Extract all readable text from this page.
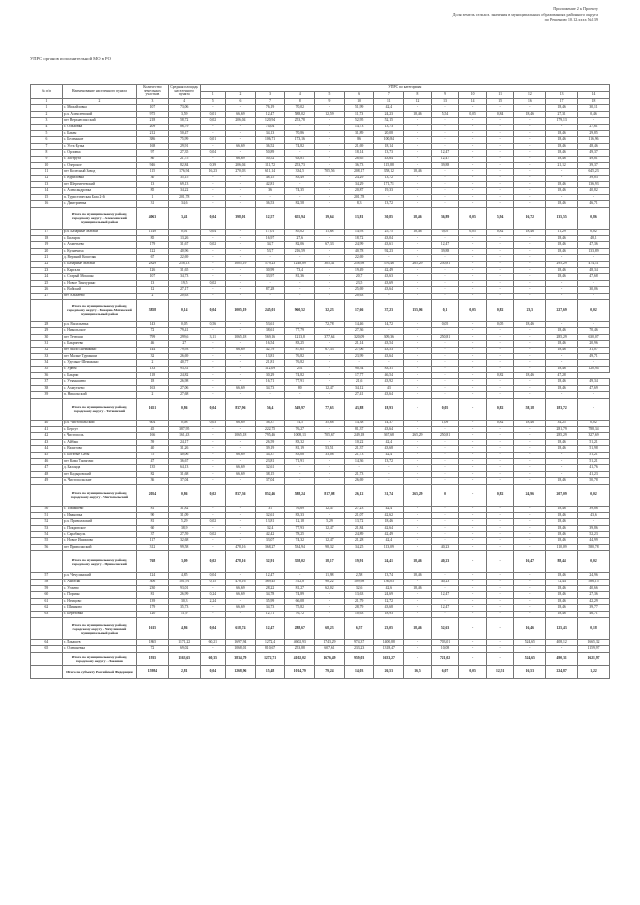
Приложение 2 к Проекту
Доля земель сельхоз. значения в муниципальных образованиях районного округа
по Решению 10.12.хххх №139
УПРС органов исполнительной МО в РО
№ п/п	Наименование населенного пункта	Количество земельных участков	Средняя площадь населенного пункта	УПРС по категориям													
				1	2	3	4	5	6	7	8	9	10	11	12	13	14
1	2	3	4	5	6	7	8	9	10	11	12	13	14	15	16	17	18
1	с. Михайловка	107	73,06	-	-	76,19	70,02	-	51,99	42,4	-	-	-	-	-	18,46	30,11
2	р.п. Алексеевский	975	3,59	0,01	66,69	12,47	588,02	12,59	11,73	24,23	18,46	5,54	0,05	0,84	18,46	27,31	0,46
3	пгт Верхнеспасский	218	58,72	0,02	206,04	120,94	253,78	-	52,95	52,15	-	-	-	-	-	179,13	-
4	с. Ольховка	209	86,79	-	-	74,04	-	-	14,73	13,73	-	-	-	-	-	-	27,61
5	с. Бакен	212	50,47	-	-	34,13	70,86	-	31,89	20,08	-	-	-	-	-	18,46	29,85
6	с. Беленькое	386	75,99	0,01	-	106,71	173,16	-	86	100,84	-	-	-	-	-	18,46	116,96
7	с. Усть-Бузка	168	29,91	-	66,69	36,52	74,82	-	21,69	18,14	-	-	-	-	-	18,46	48,46
8	с. Орловка	97	27,35	0,04	-	50,89	-	-	18,14	13,73	-	12,47	-	-	-	18,46	49,37
9	с. Заструга	80	21,75	-	66,69	50,52	63,81	-	28,65	43,64	-	12,47	-	-	-	18,46	49,81
10	с. Озерское	946	82,84	0,39	206,04	111,72	253,73	-	36,73	115,88	-	39,88	-	-	-	21,12	39,37
11	пгт Колесный Завод	115	176,94	16,23	270,03	611,14	334,5	705,56	208,17	358,12	18,46	-	-	-	-	-	645,23
12	с. Куриловка	30	35,15	-	-	48,15	83,49	-	24,29	13,72	-	-	-	-	-	-	39,83
13	пгт Шереметевский	13	69,13	-	-	42,81	-	-	34,29	171,71	-	-	-	-	-	18,46	136,93
14	с. Александровка	85	34,22	-	-	36	74,35	-	20,87	19,33	-	-	-	-	-	18,46	40,82
15	п. Туристическая База 2-й	1	201,78	-	-	-	-	-	201,78	-	-	-	-	-	-	-	-
16	с. Дмитриевка	31	34,6	-	-	36,53	82,58	-	8,3	13,72	-	-	-	-	-	18,46	46,71
	Итого по муниципальному району, городскому округу - Алексеевский муниципальный район	4063	3,41	0,04	398,01	12,57	655,94	19,64	13,81	30,85	18,46	36,89	0,05	5,94	16,72	135,55	0,86
17	р.п. Базарные Матаки	1149	0,01	0,04	-	17,01	85,02	11,68	14,93	25,75	18,46	0,05	0,05	0,82	18,46	11,29	0,02
18	с. Билярск	85	13,26	-	-	16,97	27,6	-	18,72	43,04	-	-	-	-	-	18,46	48,1
19	с. Ахметьево	179	31,67	0,02	-	34,7	82,06	67,33	24,99	43,61	-	12,47	-	-	-	18,46	47,36
20	с. Кузнечиха	122	40,96	-	-	53,7	216,59	-	40,78	92,23	-	39,88	-	-	-	18,46	133,89
21	д. Верхний Кошеляк	67	22,69	-	-	-	-	-	22,69	-	-	-	-	-	-	-	-
22	с. Базарные Матаки	2829	258,13	-	1005,19	579,23	1248,89	305,41	258,98	376,46	265,29	250,81	-	-	-	295,29	474,11
23	с. Каргали	126	31,65	-	-	30,99	73,4	-	19,49	42,49	-	-	-	-	-	18,46	48,34
24	с. Старый Мокшан	107	34,73	-	-	33,97	81,36	-	20,7	43,63	-	-	-	-	-	18,46	47,68
25	с. Новое Тинчурино	13	19,5	0,02	-	-	-	-	23,5	43,69	-	-	-	-	-	-	-
26	с. Войский	12	27,17	-	-	87,28	-	-	25,69	43,64	-	-	-	-	-	-	30,06
27	пгт Алькеево	2	20,63	-	-	-	-	-	20,63	-	-	-	-	-	-	-	-
	Итого по муниципальному району, городскому округу - Базарно-Матакский муниципальный район	3858	0,14	0,04	1005,19	245,01	960,52	32,23	17,66	37,23	155,06	0,1	0,05	0,82	23,5	227,69	0,02
28	р.п. Васильевка	143	0,05	0,56	-	53,61	-	72,78	14,46	14,72	-	0,05	-	0,05	18,46	-	-
29	с. Никольское	72	79,41	-	-	38,61	77,79	-	27,36	-	-	-	-	-	-	18,46	70,46
30	пгт Тетюши	799	299,6	3,11	1065,18	569,16	1213,8	377,64	320,09	309,36	-	250,81	-	-	-	285,29	630,07
31	с. Бакрчеево	46	27	-	-	16,54	83,25	-	21,14	43,54	-	-	-	-	-	18,46	20,96
32	пгт Мало Шемякино	144	79,93	-	66,69	42,79	87,65	67,33	27,06	43,53	-	-	-	-	-	18,46	31,07
33	пгт Малые Турмыши	32	26,69	-	-	13,81	76,82	-	23,99	43,64	-	-	-	-	-	-	49,71
34	с. Удельно-Шемякино	2	40,77	-	-	21,81	76,82	-	-	-	-	-	-	-	-	-	-
35	с. Урюм	133	93,31	-	-	112,09	251	-	90,54	83,31	-	-	-	-	-	18,46	120,94
36	с. Бакрчи	118	24,82	-	-	30,29	74,82	-	17,77	46,54	-	-	-	0,82	18,46	47,28	
37	с. Утямышево	18	26,98	-	-	16,71	77,91	-	21,6	43,92	-	-	-	-	-	18,46	49,34
38	с. Ахмутьево	163	27,06	-	66,69	34,73	80	12,47	34,12	43	-	-	-	-	-	18,46	47,69
39	п. Никольский	2	27,68	-	-	-	-	-	27,41	43,64	-	-	-	-	-	-	-
	Итого по муниципальному району, городскому округу - Тетюшский	1651	0,86	0,04	837,96	56,4	549,97	77,63	43,88	18,93	-	0,05	-	0,82	58,18	183,72	-
40	р.п. Чистопольский	604	0,08	0,03	66,69	36,37	74,5	35,68	14,38	14,37	-	1,09	-	0,82	18,46	34,25	0,02
41	с. Берсут	45	387,95	-	-	222,75	76,27	-	81,37	43,64	-	-	-	-	-	281,79	788,34
42	г. Чистополь	166	161,43	-	1065,18	795,46	1008,13	705,67	249,18	367,68	265,29	250,81	-	-	-	285,29	327,69
43	с. Айбаш	59	24,17	-	-	26,59	83,32	-	10,22	42,4	-	-	-	-	-	18,46	51,21
44	с. Вахитово	40	31,26	-	-	39,19	81,19	53,51	21,37	43,68	-	-	-	-	-	18,46	51,98
45	с. Богатые Сабы	75	40,06	-	66,69	34,37	83,08	33,08	21,73	42,4	-	-	-	-	-	-	51,21
46	пгт Кама Тамагачи	47	36,67	-	-	23,81	71,91	-	14,36	13,72	-	-	-	-	-	-	51,21
47	д. Баланда	135	64,13	-	66,69	32,61	-	-	-	-	-	-	-	-	-	-	41,76
48	пгт Кадыровский	82	31,68	-	66,69	38,15	-	-	21,73	-	-	-	-	-	-	-	41,23
49	п. Чистопольские	36	37,04	-	-	37,04	-	-	26,69	-	-	-	-	-	-	18,46	50,78
	Итого по муниципальному району, городскому округу - Чистопольский	2054	0,86	0,02	837,36	852,46	588,24	817,08	26,12	31,74	265,29	0	-	0,82	24,96	207,09	0,02
50	с. Тимашево	81	31,82	-	-	31	76,69	12,47	27,23	42,4	-	-	-	-	-	18,46	39,86
51	с. Ивановка	90	31,09	-	-	32,61	83,33	-	21,07	42,62	-	-	-	-	-	18,46	43,6
52	р.п. Приволжский	81	5,29	0,02	-	13,81	12,18	5,29	13,72	18,46	-	-	-	-	-	18,46	-
53	с. Покровское	60	38,9	-	-	32,4	77,93	12,47	21,84	42,64	-	-	-	-	-	18,46	39,86
54	с. Сарабакуль	37	27,59	0,02	-	42,42	78,25	-	24,89	42,49	-	-	-	-	-	18,46	52,23
55	с. Новое Ишимово	117	32,68	-	-	33,07	74,32	12,47	21,28	42,4	-	-	-	-	-	18,46	44,99
56	пгт Приволжский	312	99,58	-	478,16	368,27	534,94	98,32	34,25	113,09	-	40,23	-	-	-	110,09	580,78
	Итого по муниципальному району, городскому округу - Приволжский	768	3,09	0,02	478,16	32,91	358,02	18,17	19,91	24,41	18,46	40,23	-	-	16,47	88,44	0,02
57	р.п. Чечулинский	124	4,85	0,04	-	12,47	-	11,98	2,58	13,74	18,46	-	-	-	-	18,46	24,96
58	с. Ангасяк	306	101,91	0,15	478,16	369,45	512,8	98,22	109,98	136,03	-	40,23	-	-	-	72,44	586,15
59	с. Угжево	230	93,01	-	66,69	28,22	81,27	62,02	32,6	42,6	18,46	-	-	-	-	18,46	40,66
60	с. Порман	81	26,99	0,24	66,69	34,78	74,89	-	13,63	24,69	-	12,47	-	-	-	18,46	27,36
61	с. Немцово	139	30,3	2,24	-	35,99	66,08	-	21,79	12,72	-	-	-	-	-	18,46	42,29
62	с. Шинково	179	35,73	-	66,69	34,73	75,82	-	28,79	43,68	-	12,47	-	-	-	18,46	39,77
63	с. Березовка	120	11,9	-	-	12,71	76,72	-	10,63	18,93	-	-	-	-	-	18,46	46,71
	Итого по муниципальному району, городскому округу - Чечулинский муниципальный район	1615	4,86	0,04	618,74	12,47	288,67	68,23	6,57	23,05	18,46	52,63	-	-	16,46	125,43	0,18
64	г. Лакашев	1865	1171,22	60,21	1697,94	1272,4	4602,93	1743,29	974,37	1400,88	-	703,01	-	-	524,65	408,12	1665,32
65	с. Олешневка	72	69,02	-	1068,01	810,67	253,88	607,61	233,23	1318,47	-	10,08	-	-	-	-	1159,97
	Итого по муниципальному району, городскому округу - Лакашев	1935	1163,65	60,35	3834,79	1272,71	4102,02	1676,49	959,03	1633,27	-	721,02	-	-	524,65	490,31	1621,97
	Итого по субъекту Российской Федерации	15984	2,81	0,04	1268,96	15,48	1014,79	79,24	14,03	26,53	16,5	6,07	0,05	12,51	16,53	224,87	1,22
